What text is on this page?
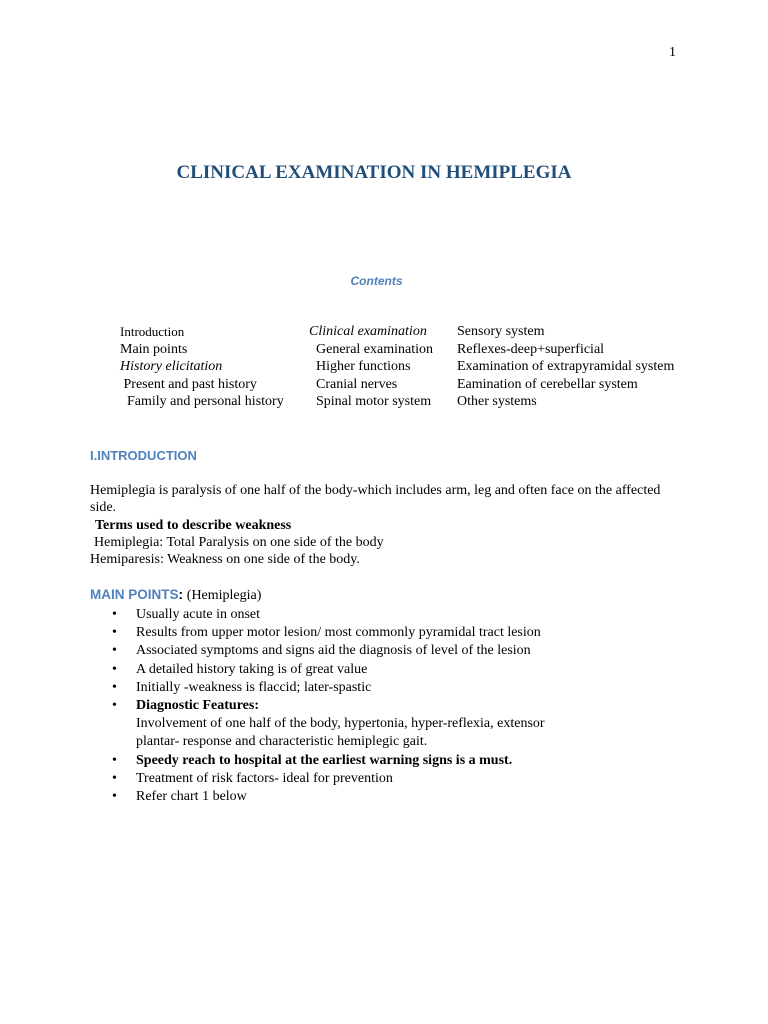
1
CLINICAL EXAMINATION IN HEMIPLEGIA
Contents
Introduction
Main points
History elicitation
Present and past history
Family and personal history
Clinical examination
General examination
Higher functions
Cranial nerves
Spinal motor system
Sensory system
Reflexes-deep+superficial
Examination of extrapyramidal system
Eamination of cerebellar system
Other systems
I.INTRODUCTION

Hemiplegia is paralysis of one half of the body-which includes arm, leg and often face on the affected side.

Terms used to describe weakness

Hemiplegia: Total Paralysis on one side of the body

Hemiparesis: Weakness on one side of the body.

MAIN POINTS: (Hemiplegia)
• Usually acute in onset
• Results from upper motor lesion/ most commonly pyramidal tract lesion
• Associated symptoms and signs aid the diagnosis of level of the lesion
• A detailed history taking is of great value
• Initially -weakness is flaccid; later-spastic
• Diagnostic Features:
Involvement of one half of the body, hypertonia, hyper-reflexia, extensor plantar- response and characteristic hemiplegic gait.
• Speedy reach to hospital at the earliest warning signs is a must.
• Treatment of risk factors- ideal for prevention
• Refer chart 1 below
